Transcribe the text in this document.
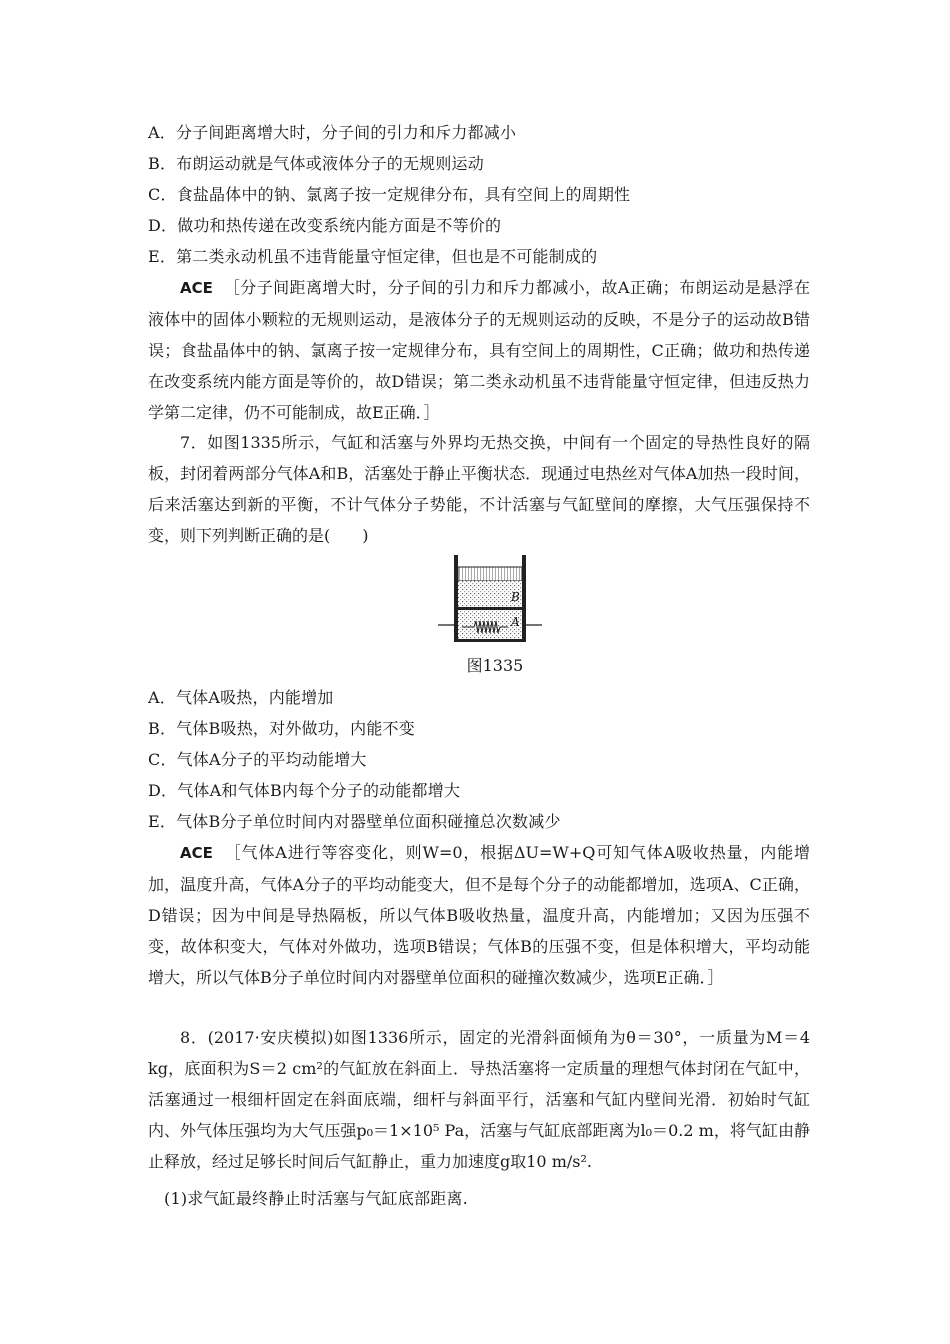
A．分子间距离增大时，分子间的引力和斥力都减小
B．布朗运动就是气体或液体分子的无规则运动
C．食盐晶体中的钠、氯离子按一定规律分布，具有空间上的周期性
D．做功和热传递在改变系统内能方面是不等价的
E．第二类永动机虽不违背能量守恒定律，但也是不可能制成的
ACE ［分子间距离增大时，分子间的引力和斥力都减小，故A正确；布朗运动是悬浮在液体中的固体小颗粒的无规则运动，是液体分子的无规则运动的反映，不是分子的运动故B错误；食盐晶体中的钠、氯离子按一定规律分布，具有空间上的周期性，C正确；做功和热传递在改变系统内能方面是等价的，故D错误；第二类永动机虽不违背能量守恒定律，但违反热力学第二定律，仍不可能制成，故E正确．］
7．如图1335所示，气缸和活塞与外界均无热交换，中间有一个固定的导热性良好的隔板，封闭着两部分气体A和B，活塞处于静止平衡状态．现通过电热丝对气体A加热一段时间，后来活塞达到新的平衡，不计气体分子势能，不计活塞与气缸壁间的摩擦，大气压强保持不变，则下列判断正确的是(　　)
B
A
图1335
A．气体A吸热，内能增加
B．气体B吸热，对外做功，内能不变
C．气体A分子的平均动能增大
D．气体A和气体B内每个分子的动能都增大
E．气体B分子单位时间内对器壁单位面积碰撞总次数减少
ACE ［气体A进行等容变化，则W=0，根据ΔU=W+Q可知气体A吸收热量，内能增加，温度升高，气体A分子的平均动能变大，但不是每个分子的动能都增加，选项A、C正确，D错误；因为中间是导热隔板，所以气体B吸收热量，温度升高，内能增加；又因为压强不变，故体积变大，气体对外做功，选项B错误；气体B的压强不变，但是体积增大，平均动能增大，所以气体B分子单位时间内对器壁单位面积的碰撞次数减少，选项E正确．］
8．(2017·安庆模拟)如图1336所示，固定的光滑斜面倾角为θ＝30°，一质量为M＝4 kg，底面积为S＝2 cm²的气缸放在斜面上．导热活塞将一定质量的理想气体封闭在气缸中，活塞通过一根细杆固定在斜面底端，细杆与斜面平行，活塞和气缸内壁间光滑．初始时气缸内、外气体压强均为大气压强p₀＝1×10⁵ Pa，活塞与气缸底部距离为l₀＝0.2 m，将气缸由静止释放，经过足够长时间后气缸静止，重力加速度g取10 m/s².
(1)求气缸最终静止时活塞与气缸底部距离.
